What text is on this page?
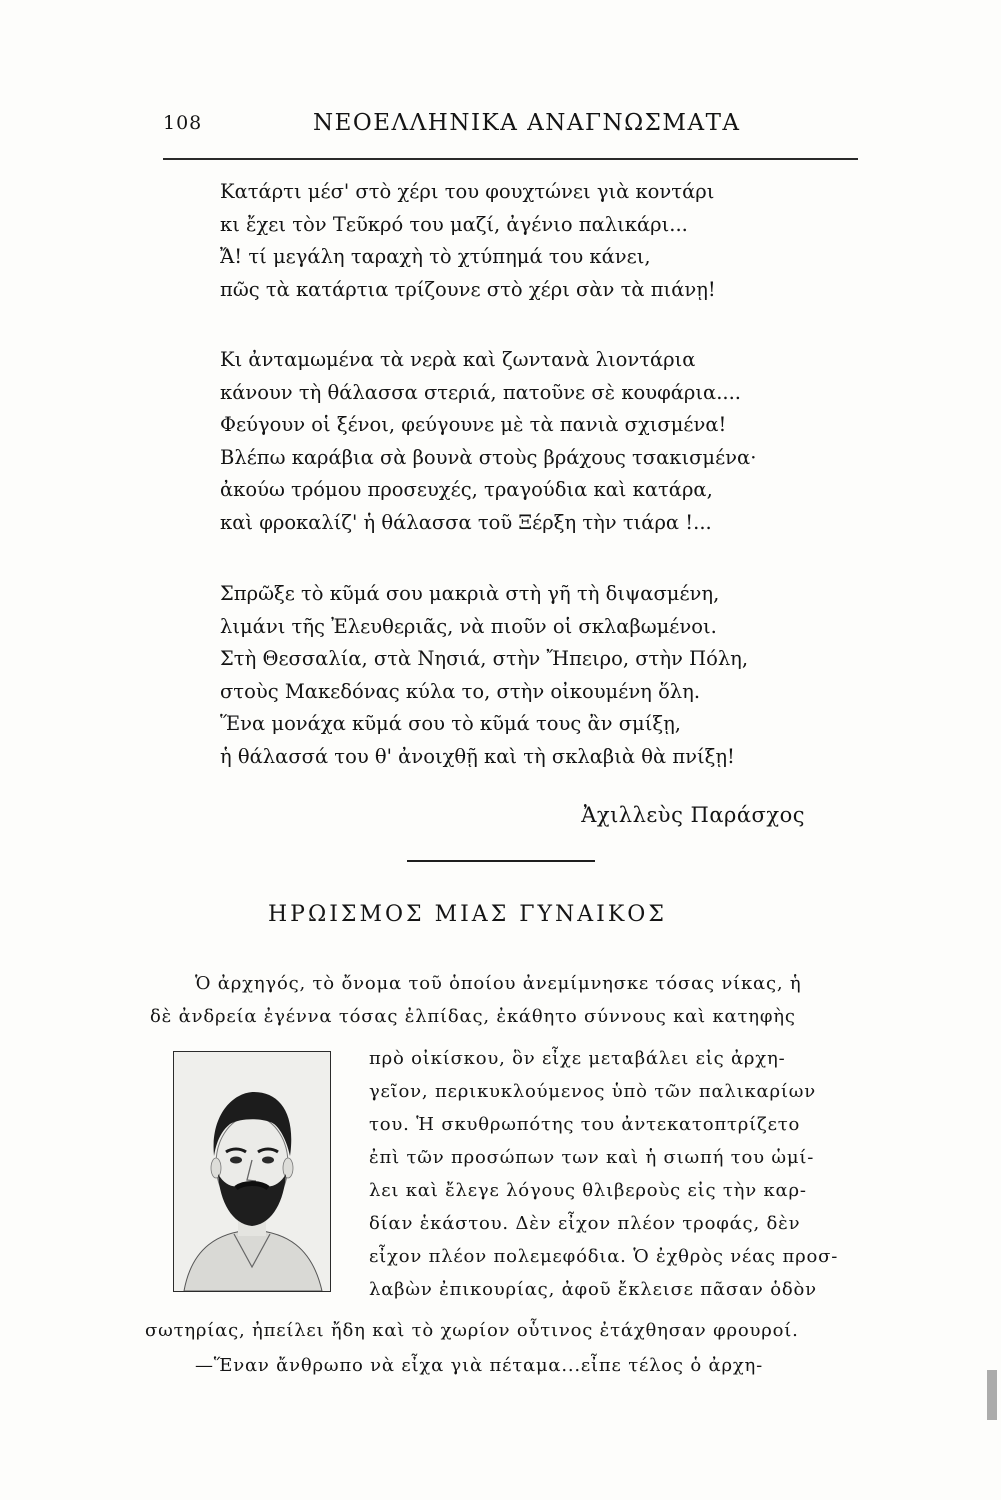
108	ΝΕΟΕΛΛΗΝΙΚΑ ΑΝΑΓΝΩΣΜΑΤΑ
Κατάρτι μέσ' στὸ χέρι του φουχτώνει γιὰ κοντάρι
κι ἔχει τὸν Τεῦκρό του μαζί, ἀγένιο παλικάρι...
Ἄ! τί μεγάλη ταραχὴ τὸ χτύπημά του κάνει,
πῶς τὰ κατάρτια τρίζουνε στὸ χέρι σὰν τὰ πιάνῃ!
Κι ἀνταμωμένα τὰ νερὰ καὶ ζωντανὰ λιοντάρια
κάνουν τὴ θάλασσα στεριά, πατοῦνε σὲ κουφάρια....
Φεύγουν οἱ ξένοι, φεύγουνε μὲ τὰ πανιὰ σχισμένα!
Βλέπω καράβια σὰ βουνὰ στοὺς βράχους τσακισμένα·
ἀκούω τρόμου προσευχές, τραγούδια καὶ κατάρα,
καὶ φροκαλίζ' ἡ θάλασσα τοῦ Ξέρξη τὴν τιάρα !...
Σπρῶξε τὸ κῦμά σου μακριὰ στὴ γῆ τὴ διψασμένη,
λιμάνι τῆς Ἐλευθεριᾶς, νὰ πιοῦν οἱ σκλαβωμένοι.
Στὴ Θεσσαλία, στὰ Νησιά, στὴν Ἤπειρο, στὴν Πόλη,
στοὺς Μακεδόνας κύλα το, στὴν οἰκουμένη ὅλη.
Ἕνα μονάχα κῦμά σου τὸ κῦμά τους ἂν σμίξῃ,
ἡ θάλασσά του θ' ἀνοιχθῇ καὶ τὴ σκλαβιὰ θὰ πνίξῃ!
Ἀχιλλεὺς Παράσχος
ΗΡΩΙΣΜΟΣ ΜΙΑΣ ΓΥΝΑΙΚΟΣ
Ὁ ἀρχηγός, τὸ ὄνομα τοῦ ὁποίου ἀνεμίμνησκε τόσας νίκας, ἡ
δὲ ἀνδρεία ἐγέννα τόσας ἐλπίδας, ἐκάθητο σύννους καὶ κατηφὴς
πρὸ οἰκίσκου, ὃν εἶχε μεταβάλει εἰς ἀρχη-
γεῖον, περικυκλούμενος ὑπὸ τῶν παλικαρίων
του. Ἡ σκυθρωπότης του ἀντεκατοπτρίζετο
ἐπὶ τῶν προσώπων των καὶ ἡ σιωπή του ὡμί-
λει καὶ ἔλεγε λόγους θλιβεροὺς εἰς τὴν καρ-
δίαν ἑκάστου. Δὲν εἶχον πλέον τροφάς, δὲν
εἶχον πλέον πολεμεφόδια. Ὁ ἐχθρὸς νέας προσ-
λαβὼν ἐπικουρίας, ἀφοῦ ἔκλεισε πᾶσαν ὁδὸν
σωτηρίας, ἠπείλει ἤδη καὶ τὸ χωρίον οὗτινος ἐτάχθησαν φρουροί.
—Ἕναν ἄνθρωπο νὰ εἶχα γιὰ πέταμα...εἶπε τέλος ὁ ἀρχη-
